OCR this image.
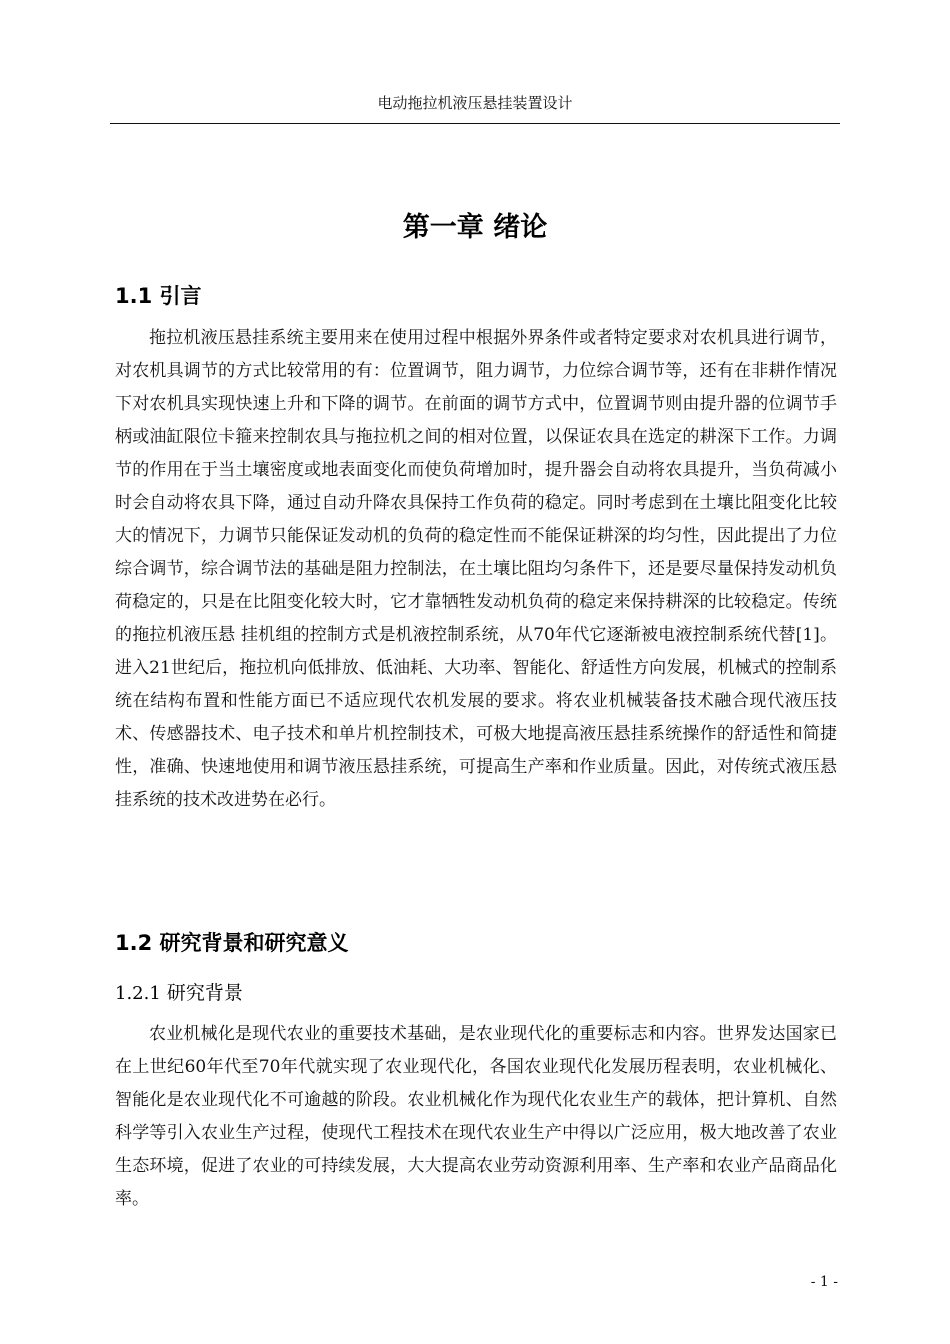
电动拖拉机液压悬挂装置设计
第一章 绪论
1.1 引言

拖拉机液压悬挂系统主要用来在使用过程中根据外界条件或者特定要求对农机具进行调节，对农机具调节的方式比较常用的有：位置调节，阻力调节，力位综合调节等，还有在非耕作情况下对农机具实现快速上升和下降的调节。在前面的调节方式中，位置调节则由提升器的位调节手柄或油缸限位卡箍来控制农具与拖拉机之间的相对位置，以保证农具在选定的耕深下工作。力调节的作用在于当土壤密度或地表面变化而使负荷增加时，提升器会自动将农具提升，当负荷减小时会自动将农具下降，通过自动升降农具保持工作负荷的稳定。同时考虑到在土壤比阻变化比较大的情况下，力调节只能保证发动机的负荷的稳定性而不能保证耕深的均匀性，因此提出了力位综合调节，综合调节法的基础是阻力控制法，在土壤比阻均匀条件下，还是要尽量保持发动机负荷稳定的，只是在比阻变化较大时，它才靠牺牲发动机负荷的稳定来保持耕深的比较稳定。传统的拖拉机液压悬 挂机组的控制方式是机液控制系统，从70年代它逐渐被电液控制系统代替[1]。进入21世纪后，拖拉机向低排放、低油耗、大功率、智能化、舒适性方向发展，机械式的控制系统在结构布置和性能方面已不适应现代农机发展的要求。将农业机械装备技术融合现代液压技术、传感器技术、电子技术和单片机控制技术，可极大地提高液压悬挂系统操作的舒适性和简捷性，准确、快速地使用和调节液压悬挂系统，可提高生产率和作业质量。因此，对传统式液压悬挂系统的技术改进势在必行。

1.2 研究背景和研究意义
1.2.1 研究背景

农业机械化是现代农业的重要技术基础，是农业现代化的重要标志和内容。世界发达国家已在上世纪60年代至70年代就实现了农业现代化，各国农业现代化发展历程表明，农业机械化、智能化是农业现代化不可逾越的阶段。农业机械化作为现代化农业生产的载体，把计算机、自然科学等引入农业生产过程，使现代工程技术在现代农业生产中得以广泛应用，极大地改善了农业生态环境，促进了农业的可持续发展，大大提高农业劳动资源利用率、生产率和农业产品商品化率。

- 1 -
